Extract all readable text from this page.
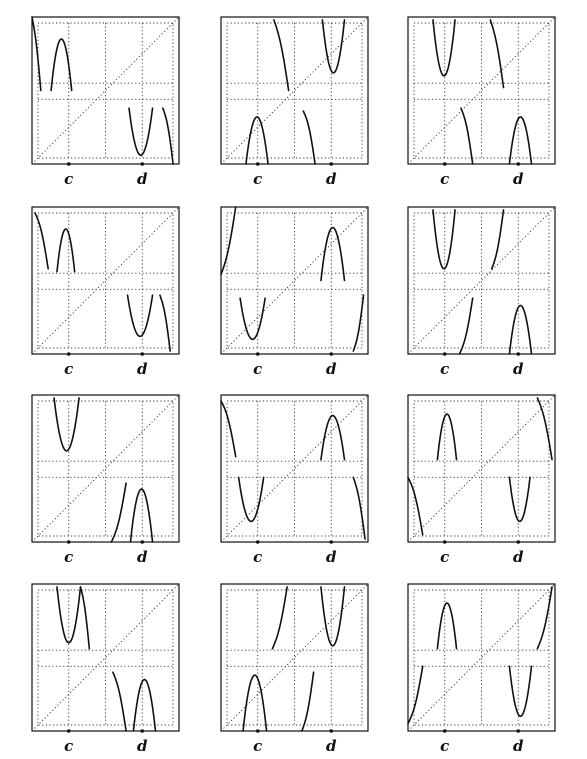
c	d	c	d	c	d
c	d	c	d	c	d
c	d	c	d	c	d
c	d	c	d	c	d
